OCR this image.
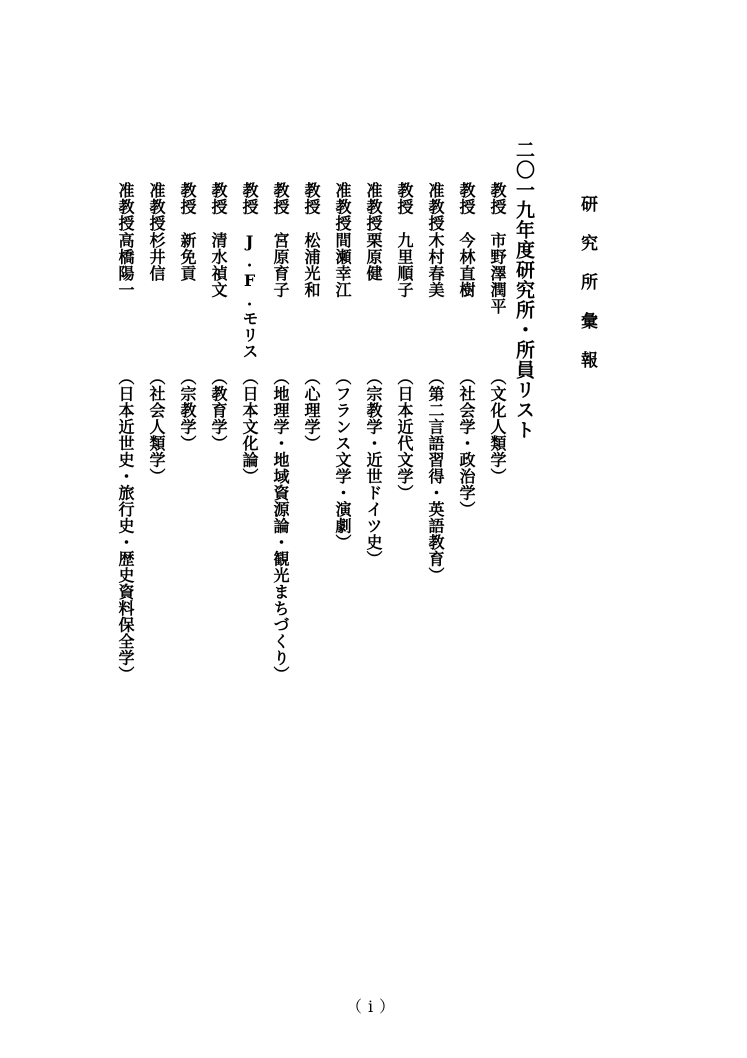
研究所彙報
二〇一九年度研究所・所員リスト
教授市野澤潤平（文化人類学）
教授今林直樹（社会学・政治学）
准教授木村春美（第二言語習得・英語教育）
教授九里順子（日本近代文学）
准教授栗原健（宗教学・近世ドイツ史）
准教授間瀬幸江（フランス文学・演劇）
教授松浦光和（心理学）
教授宮原育子（地理学・地域資源論・観光まちづくり）
教授J.F.モリス（日本文化論）
教授清水禎文（教育学）
教授新免貢（宗教学）
准教授杉井信（社会人類学）
准教授高橋陽一（日本近世史・旅行史・歴史資料保全学）
（i）
